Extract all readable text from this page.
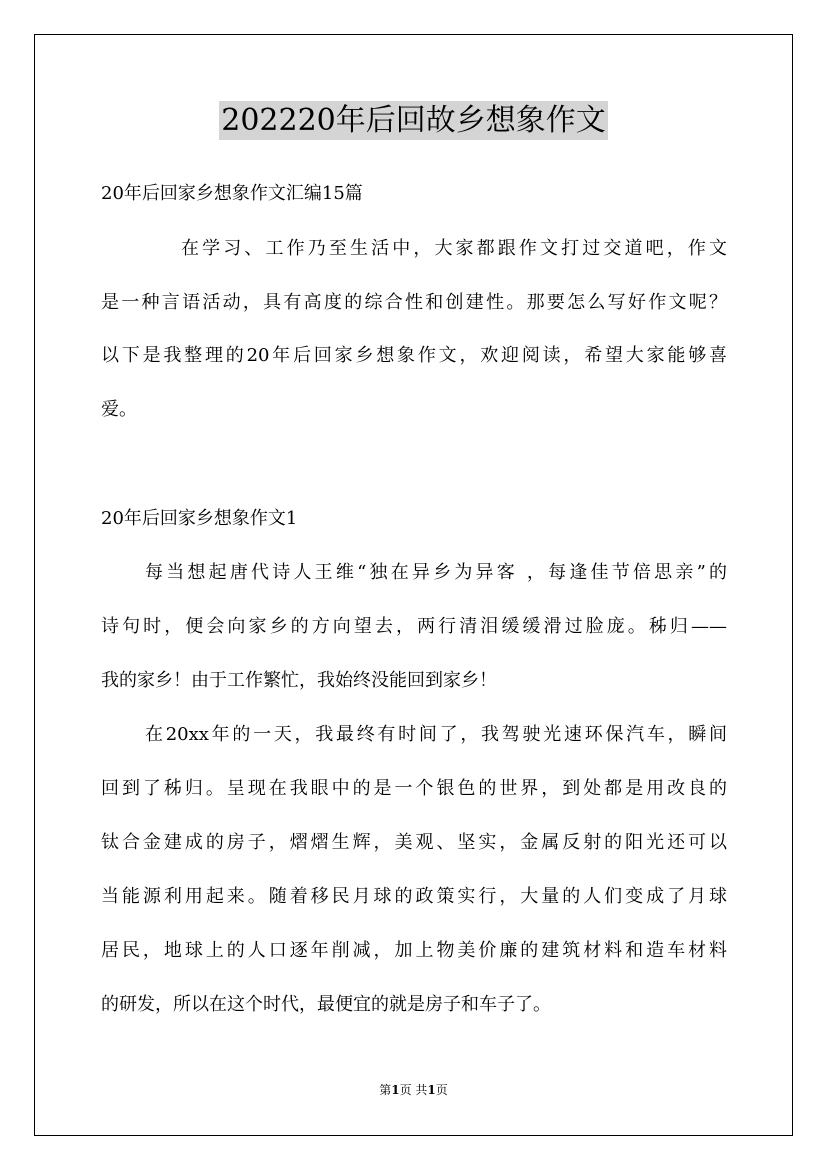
202220年后回故乡想象作文
20年后回家乡想象作文汇编15篇
在学习、工作乃至生活中，大家都跟作文打过交道吧，作文
是一种言语活动，具有高度的综合性和创建性。那要怎么写好作文呢？
以下是我整理的20年后回家乡想象作文，欢迎阅读，希望大家能够喜
爱。
20年后回家乡想象作文1
每当想起唐代诗人王维“独在异乡为异客 ，每逢佳节倍思亲”的
诗句时，便会向家乡的方向望去，两行清泪缓缓滑过脸庞。秭归——
我的家乡！由于工作繁忙，我始终没能回到家乡！
在20xx年的一天，我最终有时间了，我驾驶光速环保汽车，瞬间
回到了秭归。呈现在我眼中的是一个银色的世界，到处都是用改良的
钛合金建成的房子，熠熠生辉，美观、坚实，金属反射的阳光还可以
当能源利用起来。随着移民月球的政策实行，大量的人们变成了月球
居民，地球上的人口逐年削减，加上物美价廉的建筑材料和造车材料
的研发，所以在这个时代，最便宜的就是房子和车子了。
第1页 共1页
